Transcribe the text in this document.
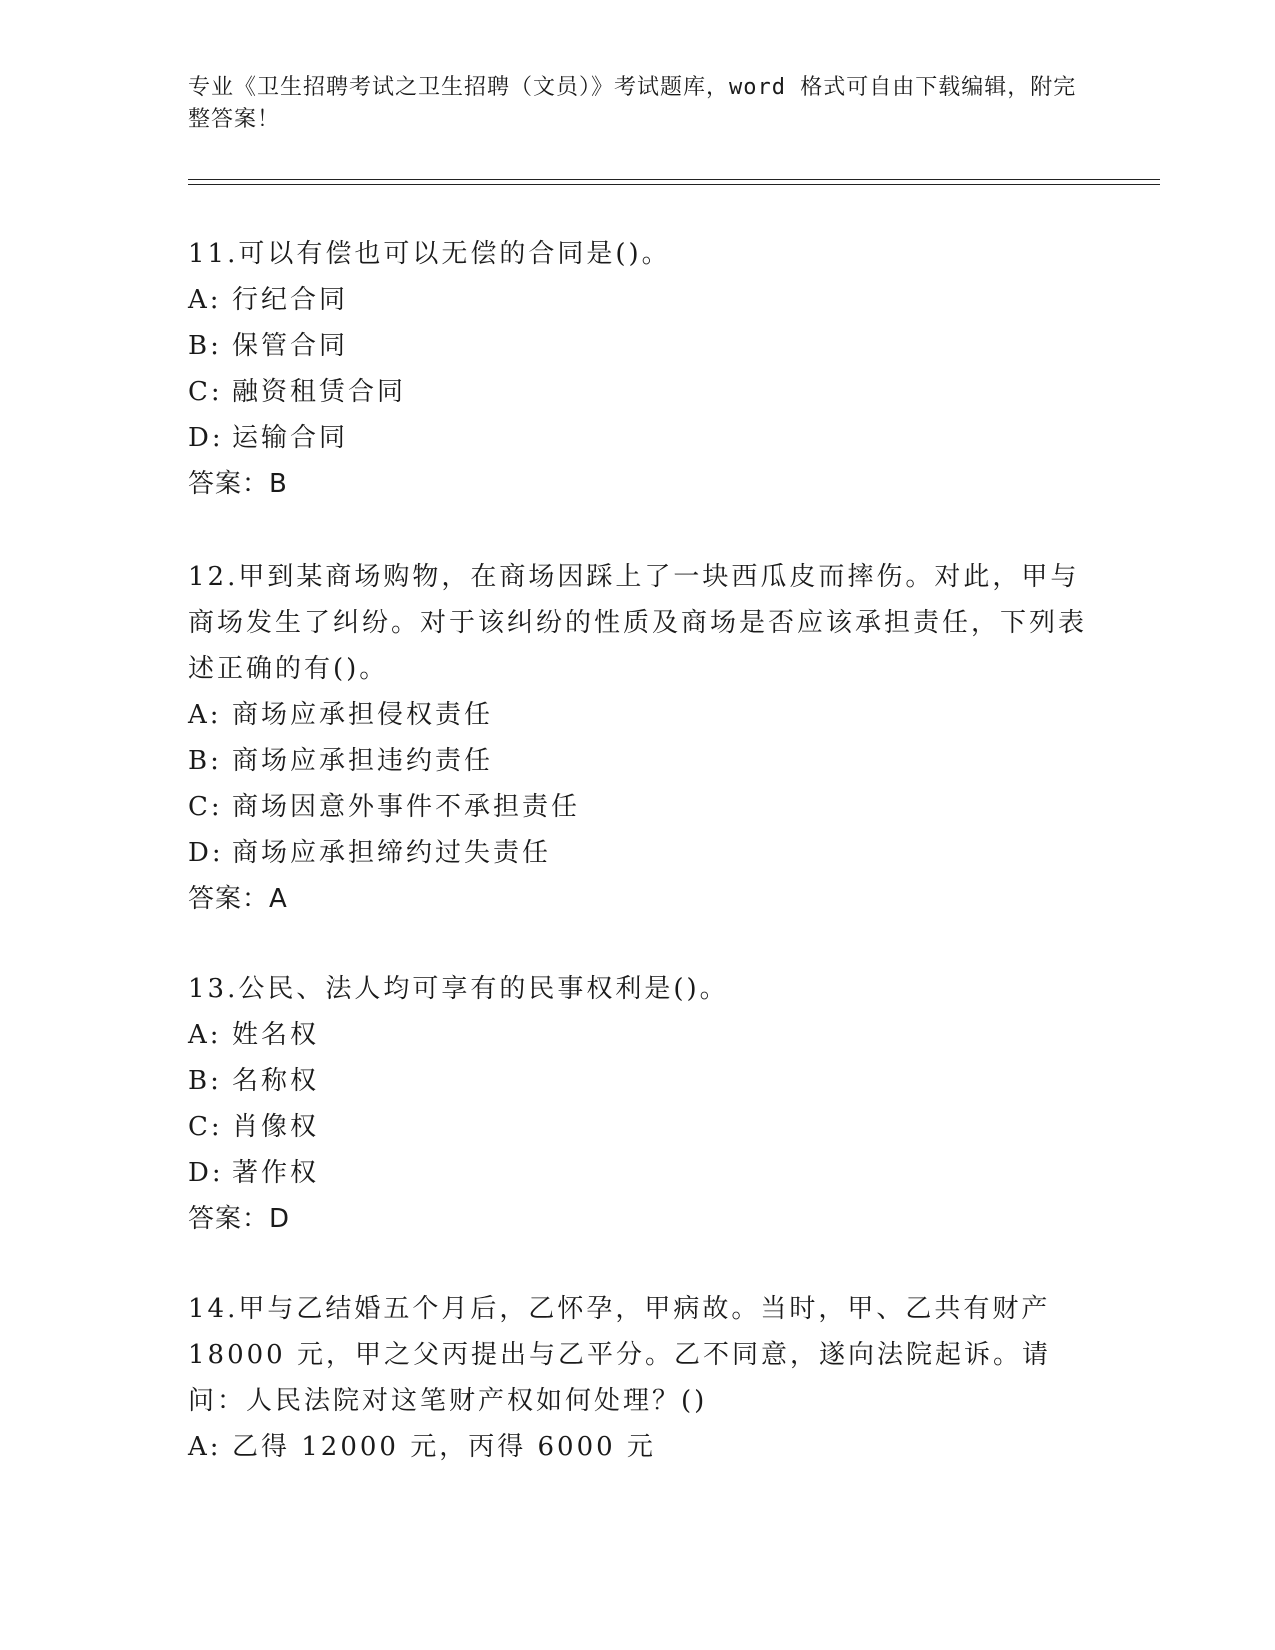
专业《卫生招聘考试之卫生招聘（文员）》考试题库，word 格式可自由下载编辑，附完整答案！

11.可以有偿也可以无偿的合同是()。

A: 行纪合同
B: 保管合同
C: 融资租赁合同
D: 运输合同

答案：B

12.甲到某商场购物，在商场因踩上了一块西瓜皮而摔伤。对此，甲与商场发生了纠纷。对于该纠纷的性质及商场是否应该承担责任，下列表述正确的有()。

A: 商场应承担侵权责任
B: 商场应承担违约责任
C: 商场因意外事件不承担责任
D: 商场应承担缔约过失责任

答案：A

13.公民、法人均可享有的民事权利是()。

A: 姓名权
B: 名称权
C: 肖像权
D: 著作权

答案：D

14.甲与乙结婚五个月后，乙怀孕，甲病故。当时，甲、乙共有财产18000 元，甲之父丙提出与乙平分。乙不同意，遂向法院起诉。请问：人民法院对这笔财产权如何处理？()

A: 乙得 12000 元，丙得 6000 元
